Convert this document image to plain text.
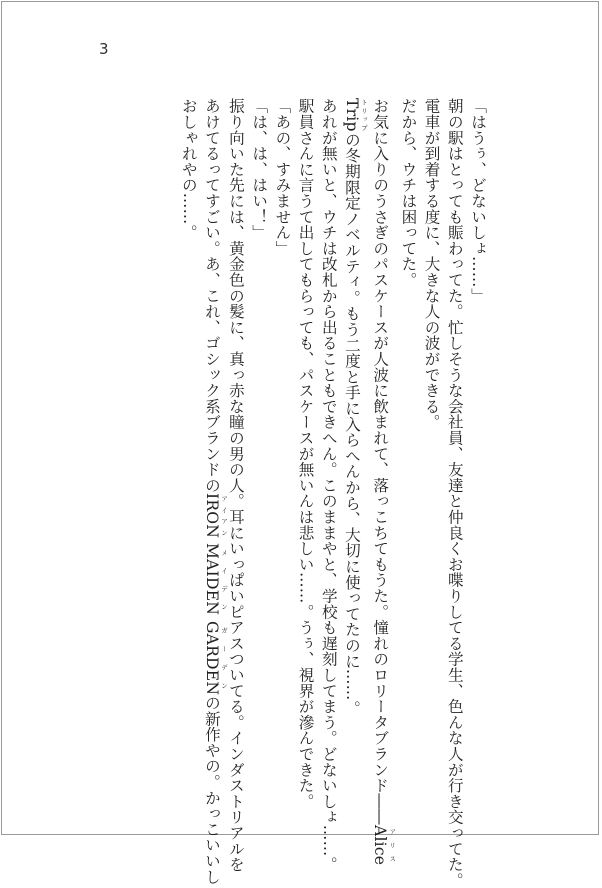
3
「はうぅ、どないしょ……」
朝の駅はとっても賑わってた。忙しそうな会社員、友達と仲良くお喋りしてる学生、色んな人が行き交ってた。
電車が到着する度に、大きな人の波ができる。
だから、ウチは困ってた。
お気に入りのうさぎのパスケースが人波に飲まれて、落っこちてもうた。憧れのロリータブランド――Alice アリス
Trip トリップの冬期限定ノベルティ。もう二度と手に入らへんから、大切に使ってたのに……。
あれが無いと、ウチは改札から出ることもできへん。このままやと、学校も遅刻してまう。どないしょ……。
駅員さんに言うて出してもらっても、パスケースが無いんは悲しい……。うぅ、視界が滲んできた。
「あの、すみません」
「は、は、はい！」
振り向いた先には、黄金色の髪に、真っ赤な瞳の男の人。耳にいっぱいピアスついてる。インダストリアルを
あけてるってすごい。あ、これ、ゴシック系ブランドのIRON アイアン MAIDEN メイデン GARDEN ガーデンの新作やの。かっこいいし
おしゃれやの……。
